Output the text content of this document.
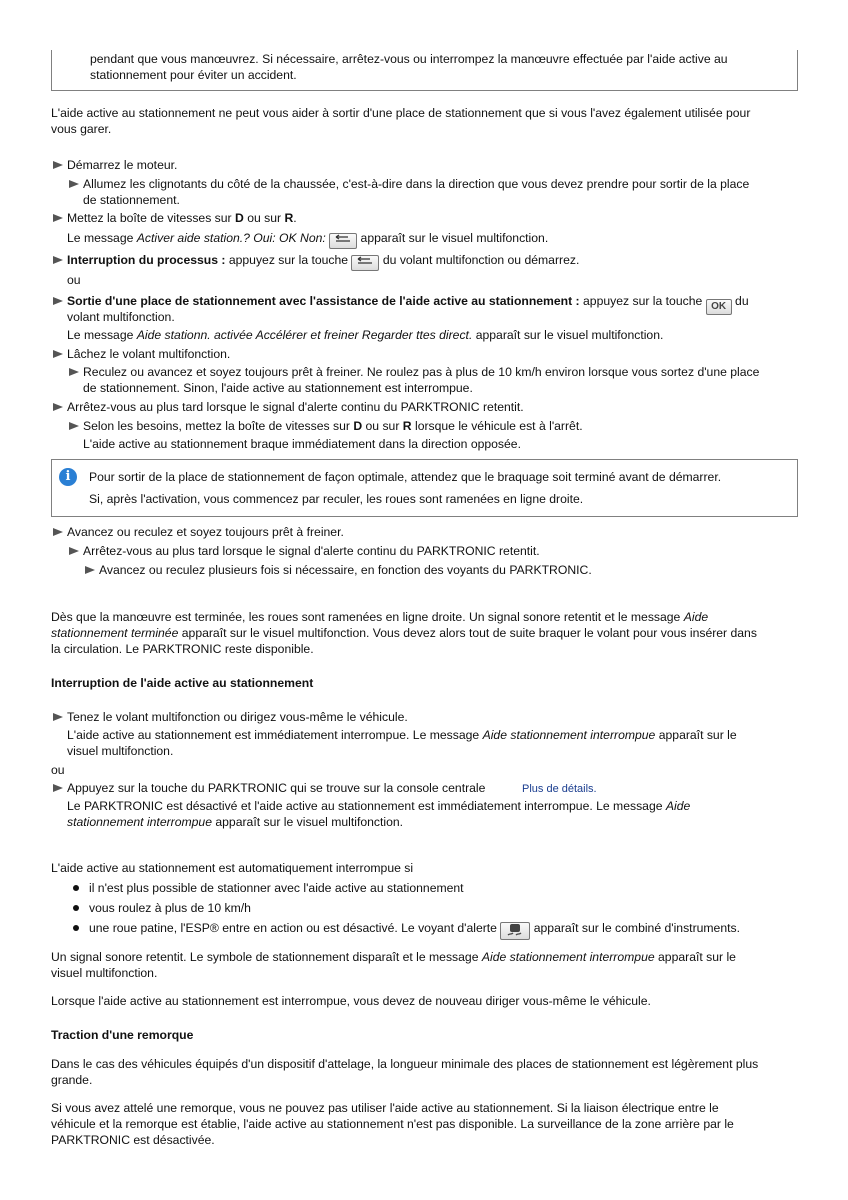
pendant que vous manœuvrez. Si nécessaire, arrêtez-vous ou interrompez la manœuvre effectuée par l'aide active au
stationnement pour éviter un accident.
L'aide active au stationnement ne peut vous aider à sortir d'une place de stationnement que si vous l'avez également utilisée pour
vous garer.
Démarrez le moteur.
Allumez les clignotants du côté de la chaussée, c'est-à-dire dans la direction que vous devez prendre pour sortir de la place
de stationnement.
Mettez la boîte de vitesses sur D ou sur R.
Le message Activer aide station.? Oui: OK Non:  apparaît sur le visuel multifonction.
Interruption du processus : appuyez sur la touche  du volant multifonction ou démarrez.
ou
Sortie d'une place de stationnement avec l'assistance de l'aide active au stationnement : appuyez sur la touche OK du
volant multifonction.
Le message Aide stationn. activée Accélérer et freiner Regarder ttes direct. apparaît sur le visuel multifonction.
Lâchez le volant multifonction.
Reculez ou avancez et soyez toujours prêt à freiner. Ne roulez pas à plus de 10 km/h environ lorsque vous sortez d'une place
de stationnement. Sinon, l'aide active au stationnement est interrompue.
Arrêtez-vous au plus tard lorsque le signal d'alerte continu du PARKTRONIC retentit.
Selon les besoins, mettez la boîte de vitesses sur D ou sur R lorsque le véhicule est à l'arrêt.
L'aide active au stationnement braque immédiatement dans la direction opposée.
i	Pour sortir de la place de stationnement de façon optimale, attendez que le braquage soit terminé avant de démarrer.
Si, après l'activation, vous commencez par reculer, les roues sont ramenées en ligne droite.
Avancez ou reculez et soyez toujours prêt à freiner.
Arrêtez-vous au plus tard lorsque le signal d'alerte continu du PARKTRONIC retentit.
Avancez ou reculez plusieurs fois si nécessaire, en fonction des voyants du PARKTRONIC.
Dès que la manœuvre est terminée, les roues sont ramenées en ligne droite. Un signal sonore retentit et le message Aide
stationnement terminée apparaît sur le visuel multifonction. Vous devez alors tout de suite braquer le volant pour vous insérer dans
la circulation. Le PARKTRONIC reste disponible.
Interruption de l'aide active au stationnement
Tenez le volant multifonction ou dirigez vous-même le véhicule.
L'aide active au stationnement est immédiatement interrompue. Le message Aide stationnement interrompue apparaît sur le
visuel multifonction.
ou
Appuyez sur la touche du PARKTRONIC qui se trouve sur la console centrale	Plus de détails.
Le PARKTRONIC est désactivé et l'aide active au stationnement est immédiatement interrompue. Le message Aide
stationnement interrompue apparaît sur le visuel multifonction.
L'aide active au stationnement est automatiquement interrompue si
il n'est plus possible de stationner avec l'aide active au stationnement
vous roulez à plus de 10 km/h
une roue patine, l'ESP® entre en action ou est désactivé. Le voyant d'alerte	apparaît sur le combiné d'instruments.
Un signal sonore retentit. Le symbole de stationnement disparaît et le message Aide stationnement interrompue apparaît sur le
visuel multifonction.
Lorsque l'aide active au stationnement est interrompue, vous devez de nouveau diriger vous-même le véhicule.
Traction d'une remorque
Dans le cas des véhicules équipés d'un dispositif d'attelage, la longueur minimale des places de stationnement est légèrement plus
grande.
Si vous avez attelé une remorque, vous ne pouvez pas utiliser l'aide active au stationnement. Si la liaison électrique entre le
véhicule et la remorque est établie, l'aide active au stationnement n'est pas disponible. La surveillance de la zone arrière par le
PARKTRONIC est désactivée.
